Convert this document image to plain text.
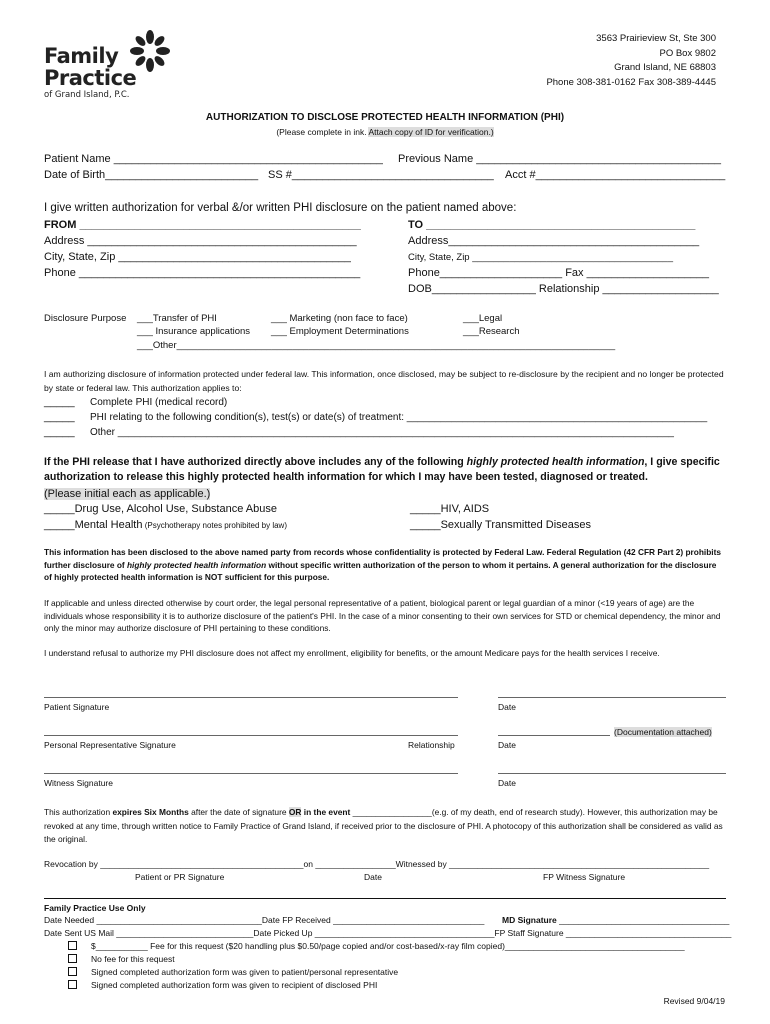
Family
Practice
of Grand Island, P.C.
3563 Prairieview St, Ste 300
PO Box 9802
Grand Island, NE 68803
Phone 308-381-0162 Fax 308-389-4445
AUTHORIZATION TO DISCLOSE PROTECTED HEALTH INFORMATION (PHI)
(Please complete in ink. Attach copy of ID for verification.)
Patient Name ____________________________________________ Previous Name ________________________________________
Date of Birth_________________________ SS #_________________________________ Acct #_______________________________
I give written authorization for verbal &/or written PHI disclosure on the patient named above:
FROM ______________________________________________
Address ____________________________________________
City, State, Zip ______________________________________
Phone ______________________________________________
TO ____________________________________________
Address_________________________________________
City, State, Zip ______________________________________
Phone____________________ Fax ____________________
DOB_________________ Relationship ___________________
Disclosure Purpose ___Transfer of PHI
___ Insurance applications
___Other___________________________________________________________________________________
___ Marketing (non face to face)
___ Employment Determinations
___Legal
___Research
I am authorizing disclosure of information protected under federal law. This information, once disclosed, may be subject to re-disclosure by the recipient and no longer be protected by state or federal law. This authorization applies to:
_____ Complete PHI (medical record)
_____ PHI relating to the following condition(s), test(s) or date(s) of treatment: ______________________________________________________
_____ Other ____________________________________________________________________________________________________
If the PHI release that I have authorized directly above includes any of the following highly protected health information, I give specific authorization to release this highly protected health information for which I may have been tested, diagnosed or treated.
(Please initial each as applicable.)
_____Drug Use, Alcohol Use, Substance Abuse
_____Mental Health (Psychotherapy notes prohibited by law)
_____HIV, AIDS
_____Sexually Transmitted Diseases
This information has been disclosed to the above named party from records whose confidentiality is protected by Federal Law. Federal Regulation (42 CFR Part 2) prohibits further disclosure of highly protected health information without specific written authorization of the person to whom it pertains. A general authorization for the disclosure of highly protected health information is NOT sufficient for this purpose.
If applicable and unless directed otherwise by court order, the legal personal representative of a patient, biological parent or legal guardian of a minor (<19 years of age) are the individuals whose responsibility it is to authorize disclosure of the patient's PHI. In the case of a minor consenting to their own services for STD or chemical dependency, the minor and only the minor may authorize disclosure of PHI pertaining to these conditions.
I understand refusal to authorize my PHI disclosure does not affect my enrollment, eligibility for benefits, or the amount Medicare pays for the health services I receive.
Patient Signature	Date
(Documentation attached)
Personal Representative Signature	Relationship	Date
Witness Signature	Date
This authorization expires Six Months after the date of signature OR in the event _________________(e.g. of my death, end of research study). However, this authorization may be revoked at any time, through written notice to Family Practice of Grand Island, if received prior to the disclosure of PHI. A photocopy of this authorization shall be considered as valid as the original.
Revocation by ___________________________________________on _________________Witnessed by _______________________________________________________
Patient or PR Signature	Date	FP Witness Signature
Family Practice Use Only
Date Needed ___________________________________Date FP Received ________________________________ MD Signature ____________________________________
Date Sent US Mail _____________________________Date Picked Up ______________________________________FP Staff Signature ___________________________________
$___________ Fee for this request ($20 handling plus $0.50/page copied and/or cost-based/x-ray film copied)______________________________________
No fee for this request
Signed completed authorization form was given to patient/personal representative
Signed completed authorization form was given to recipient of disclosed PHI
Revised 9/04/19
